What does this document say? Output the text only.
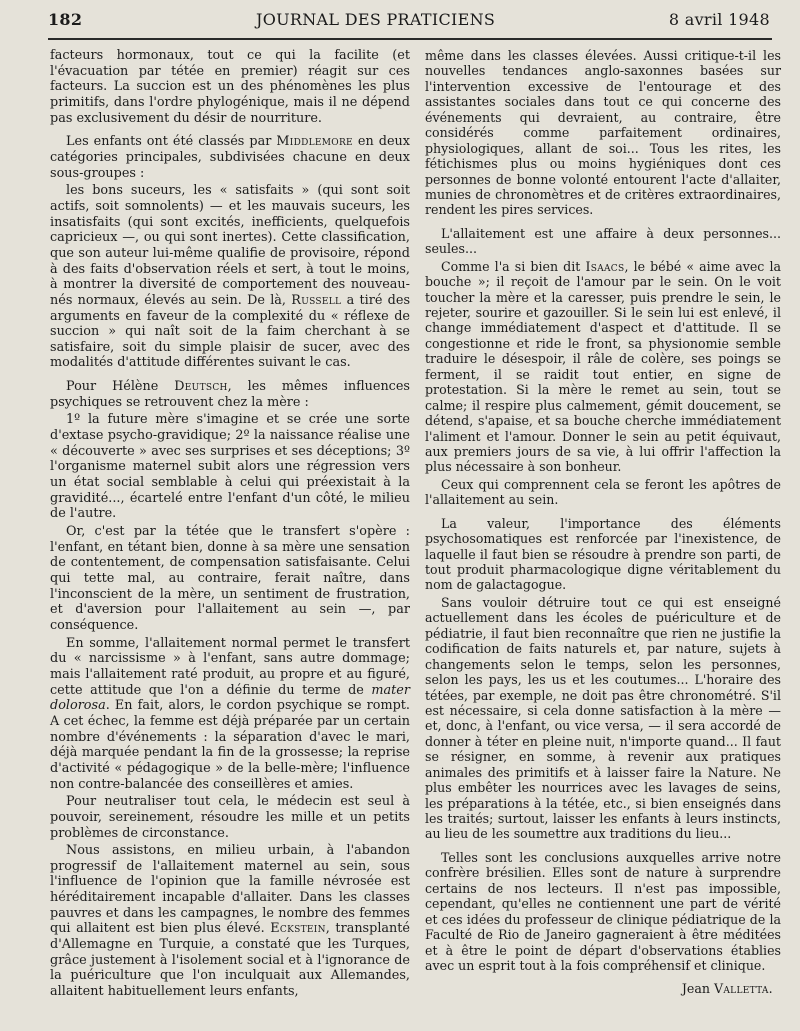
182	JOURNAL DES PRATICIENS	8 avril 1948

facteurs hormonaux, tout ce qui la facilite (et l'évacuation par tétée en premier) réagit sur ces facteurs. La succion est un des phénomènes les plus primitifs, dans l'ordre phylogénique, mais il ne dépend pas exclusivement du désir de nourriture.

Les enfants ont été classés par Middlemore en deux catégories principales, subdivisées chacune en deux sous-groupes :

les bons suceurs, les « satisfaits » (qui sont soit actifs, soit somnolents) — et les mauvais suceurs, les insatisfaits (qui sont excités, inefficients, quelquefois capricieux —, ou qui sont inertes). Cette classification, que son auteur lui-même qualifie de provisoire, répond à des faits d'observation réels et sert, à tout le moins, à montrer la diversité de comportement des nouveau-nés normaux, élevés au sein. De là, Russell a tiré des arguments en faveur de la complexité du « réflexe de succion » qui naît soit de la faim cherchant à se satisfaire, soit du simple plaisir de sucer, avec des modalités d'attitude différentes suivant le cas.

Pour Hélène Deutsch, les mêmes influences psychiques se retrouvent chez la mère :

1º la future mère s'imagine et se crée une sorte d'extase psycho-gravidique; 2º la naissance réalise une « découverte » avec ses surprises et ses déceptions; 3º l'organisme maternel subit alors une régression vers un état social semblable à celui qui préexistait à la gravidité..., écartelé entre l'enfant d'un côté, le milieu de l'autre.

Or, c'est par la tétée que le transfert s'opère : l'enfant, en tétant bien, donne à sa mère une sensation de contentement, de compensation satisfaisante. Celui qui tette mal, au contraire, ferait naître, dans l'inconscient de la mère, un sentiment de frustration, et d'aversion pour l'allaitement au sein —, par conséquence.

En somme, l'allaitement normal permet le transfert du « narcissisme » à l'enfant, sans autre dommage; mais l'allaitement raté produit, au propre et au figuré, cette attitude que l'on a définie du terme de mater dolorosa. En fait, alors, le cordon psychique se rompt. A cet échec, la femme est déjà préparée par un certain nombre d'événements : la séparation d'avec le mari, déjà marquée pendant la fin de la grossesse; la reprise d'activité « pédagogique » de la belle-mère; l'influence non contre-balancée des conseillères et amies.

Pour neutraliser tout cela, le médecin est seul à pouvoir, sereinement, résoudre les mille et un petits problèmes de circonstance.

Nous assistons, en milieu urbain, à l'abandon progressif de l'allaitement maternel au sein, sous l'influence de l'opinion que la famille névrosée est héréditairement incapable d'allaiter. Dans les classes pauvres et dans les campagnes, le nombre des femmes qui allaitent est bien plus élevé. Eckstein, transplanté d'Allemagne en Turquie, a constaté que les Turques, grâce justement à l'isolement social et à l'ignorance de la puériculture que l'on inculquait aux Allemandes, allaitent habituellement leurs enfants,

même dans les classes élevées. Aussi critique-t-il les nouvelles tendances anglo-saxonnes basées sur l'intervention excessive de l'entourage et des assistantes sociales dans tout ce qui concerne des événements qui devraient, au contraire, être considérés comme parfaitement ordinaires, physiologiques, allant de soi... Tous les rites, les fétichismes plus ou moins hygiéniques dont ces personnes de bonne volonté entourent l'acte d'allaiter, munies de chronomètres et de critères extraordinaires, rendent les pires services.

L'allaitement est une affaire à deux personnes... seules...

Comme l'a si bien dit Isaacs, le bébé « aime avec la bouche »; il reçoit de l'amour par le sein. On le voit toucher la mère et la caresser, puis prendre le sein, le rejeter, sourire et gazouiller. Si le sein lui est enlevé, il change immédiatement d'aspect et d'attitude. Il se congestionne et ride le front, sa physionomie semble traduire le désespoir, il râle de colère, ses poings se ferment, il se raidit tout entier, en signe de protestation. Si la mère le remet au sein, tout se calme; il respire plus calmement, gémit doucement, se détend, s'apaise, et sa bouche cherche immédiatement l'aliment et l'amour. Donner le sein au petit équivaut, aux premiers jours de sa vie, à lui offrir l'affection la plus nécessaire à son bonheur.

Ceux qui comprennent cela se feront les apôtres de l'allaitement au sein.

La valeur, l'importance des éléments psychosomatiques est renforcée par l'inexistence, de laquelle il faut bien se résoudre à prendre son parti, de tout produit pharmacologique digne véritablement du nom de galactagogue.

Sans vouloir détruire tout ce qui est enseigné actuellement dans les écoles de puériculture et de pédiatrie, il faut bien reconnaître que rien ne justifie la codification de faits naturels et, par nature, sujets à changements selon le temps, selon les personnes, selon les pays, les us et les coutumes... L'horaire des tétées, par exemple, ne doit pas être chronométré. S'il est nécessaire, si cela donne satisfaction à la mère — et, donc, à l'enfant, ou vice versa, — il sera accordé de donner à téter en pleine nuit, n'importe quand... Il faut se résigner, en somme, à revenir aux pratiques animales des primitifs et à laisser faire la Nature. Ne plus embêter les nourrices avec les lavages de seins, les préparations à la tétée, etc., si bien enseignés dans les traités; surtout, laisser les enfants à leurs instincts, au lieu de les soumettre aux traditions du lieu...

Telles sont les conclusions auxquelles arrive notre confrère brésilien. Elles sont de nature à surprendre certains de nos lecteurs. Il n'est pas impossible, cependant, qu'elles ne contiennent une part de vérité et ces idées du professeur de clinique pédiatrique de la Faculté de Rio de Janeiro gagneraient à être méditées et à être le point de départ d'observations établies avec un esprit tout à la fois compréhensif et clinique.

Jean Valletta.
